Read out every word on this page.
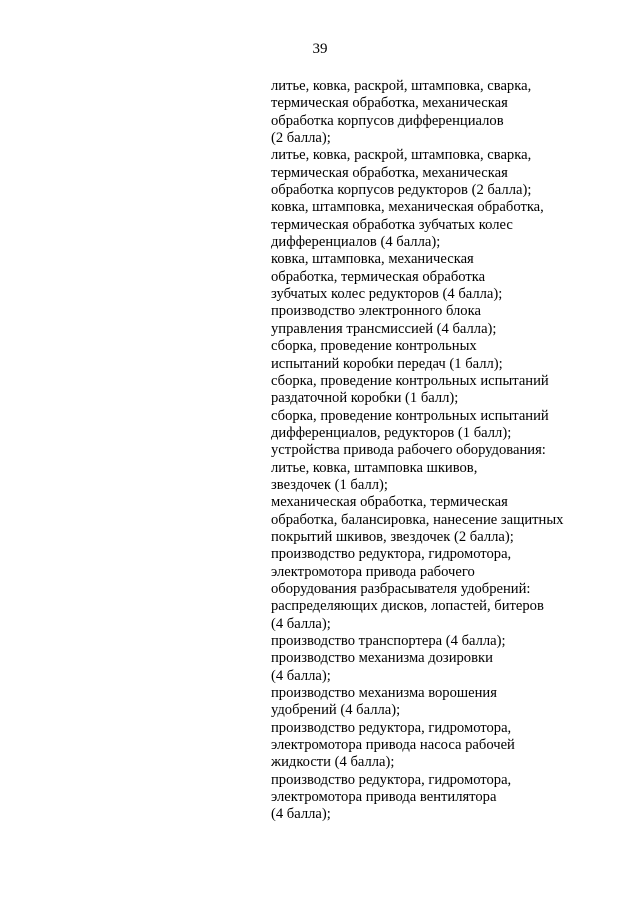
39
литье, ковка, раскрой, штамповка, сварка,
термическая обработка, механическая
обработка корпусов дифференциалов
(2 балла);
литье, ковка, раскрой, штамповка, сварка,
термическая обработка, механическая
обработка корпусов редукторов (2 балла);
ковка, штамповка, механическая обработка,
термическая обработка зубчатых колес
дифференциалов (4 балла);
ковка, штамповка, механическая
обработка, термическая обработка
зубчатых колес редукторов (4 балла);
производство электронного блока
управления трансмиссией (4 балла);
сборка, проведение контрольных
испытаний коробки передач (1 балл);
сборка, проведение контрольных испытаний
раздаточной коробки (1 балл);
сборка, проведение контрольных испытаний
дифференциалов, редукторов (1 балл);
устройства привода рабочего оборудования:
литье, ковка, штамповка шкивов,
звездочек (1 балл);
механическая обработка, термическая
обработка, балансировка, нанесение защитных
покрытий шкивов, звездочек (2 балла);
производство редуктора, гидромотора,
электромотора привода рабочего
оборудования разбрасывателя удобрений:
распределяющих дисков, лопастей, битеров
(4 балла);
производство транспортера (4 балла);
производство механизма дозировки
(4 балла);
производство механизма ворошения
удобрений (4 балла);
производство редуктора, гидромотора,
электромотора привода насоса рабочей
жидкости (4 балла);
производство редуктора, гидромотора,
электромотора привода вентилятора
(4 балла);
